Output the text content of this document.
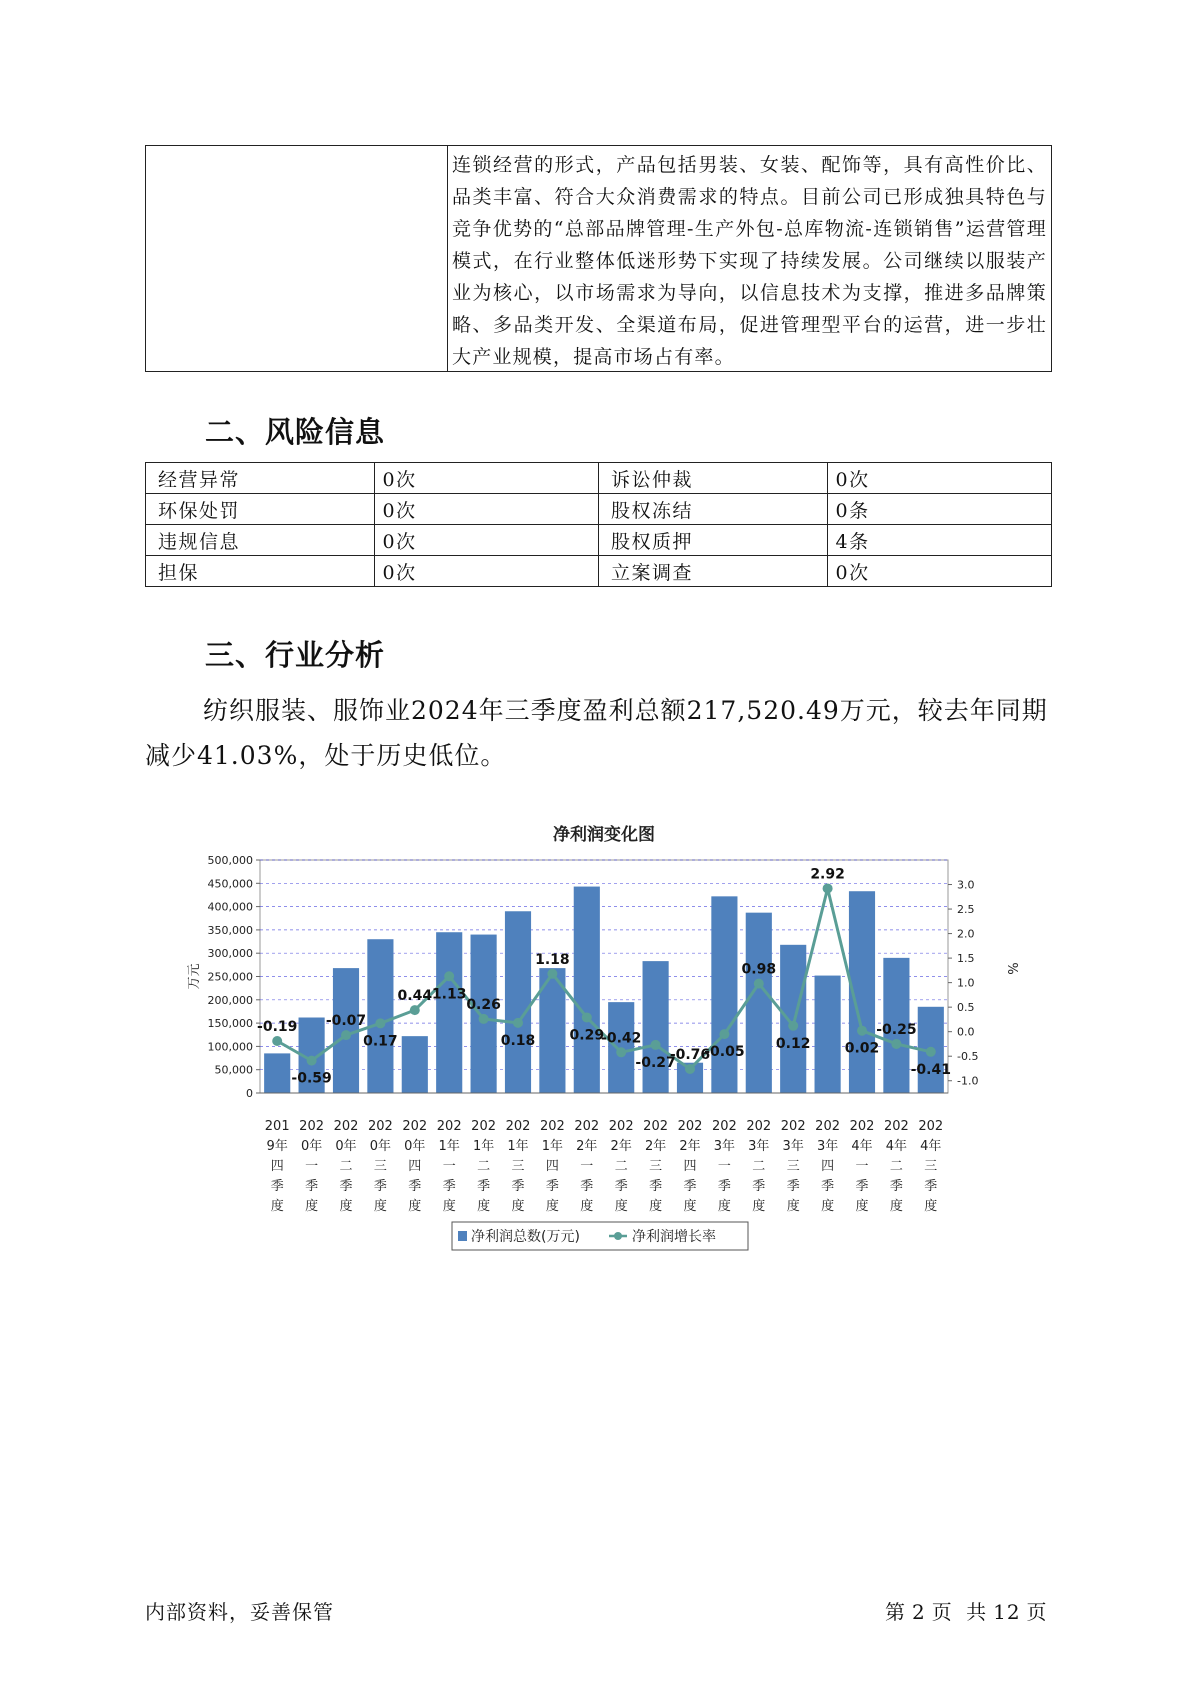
连锁经营的形式，产品包括男装、女装、配饰等，具有高性价比、品类丰富、符合大众消费需求的特点。目前公司已形成独具特色与竞争优势的“总部品牌管理-生产外包-总库物流-连锁销售”运营管理模式，在行业整体低迷形势下实现了持续发展。公司继续以服装产业为核心，以市场需求为导向，以信息技术为支撑，推进多品牌策略、多品类开发、全渠道布局，促进管理型平台的运营，进一步壮大产业规模，提高市场占有率。
二、风险信息
经营异常	0次	诉讼仲裁	0次
环保处罚	0次	股权冻结	0条
违规信息	0次	股权质押	4条
担保	0次	立案调查	0次
三、行业分析

纺织服装、服饰业2024年三季度盈利总额217,520.49万元，较去年同期减少41.03%，处于历史低位。

净利润变化图
0
50,000
100,000
150,000
200,000
250,000
300,000
350,000
400,000
450,000
500,000
-1.0
-0.5
0.0
0.5
1.0
1.5
2.0
2.5
3.0
万元	%
-0.19
-0.59
-0.07
0.17
0.44 1.13
0.26
0.18
1.18
0.29
-0.42
-0.27
-0.76
-0.05
0.98
0.12
2.92
0.02
-0.25
-0.41
201
9年
四
季
度
202
0年
一
季
度
202
0年
二
季
度
202
0年
三
季
度
202
0年
四
季
度
202
1年
一
季
度
202
1年
二
季
度
202
1年
三
季
度
202
1年
四
季
度
202
2年
一
季
度
202
2年
二
季
度
202
2年
三
季
度
202
2年
四
季
度
202
3年
一
季
度
202
3年
二
季
度
202
3年
三
季
度
202
3年
四
季
度
202
4年
一
季
度
202
4年
二
季
度
202
4年
三
季
度
净利润总数(万元)	净利润增长率
内部资料，妥善保管	第 2 页 共 12 页
